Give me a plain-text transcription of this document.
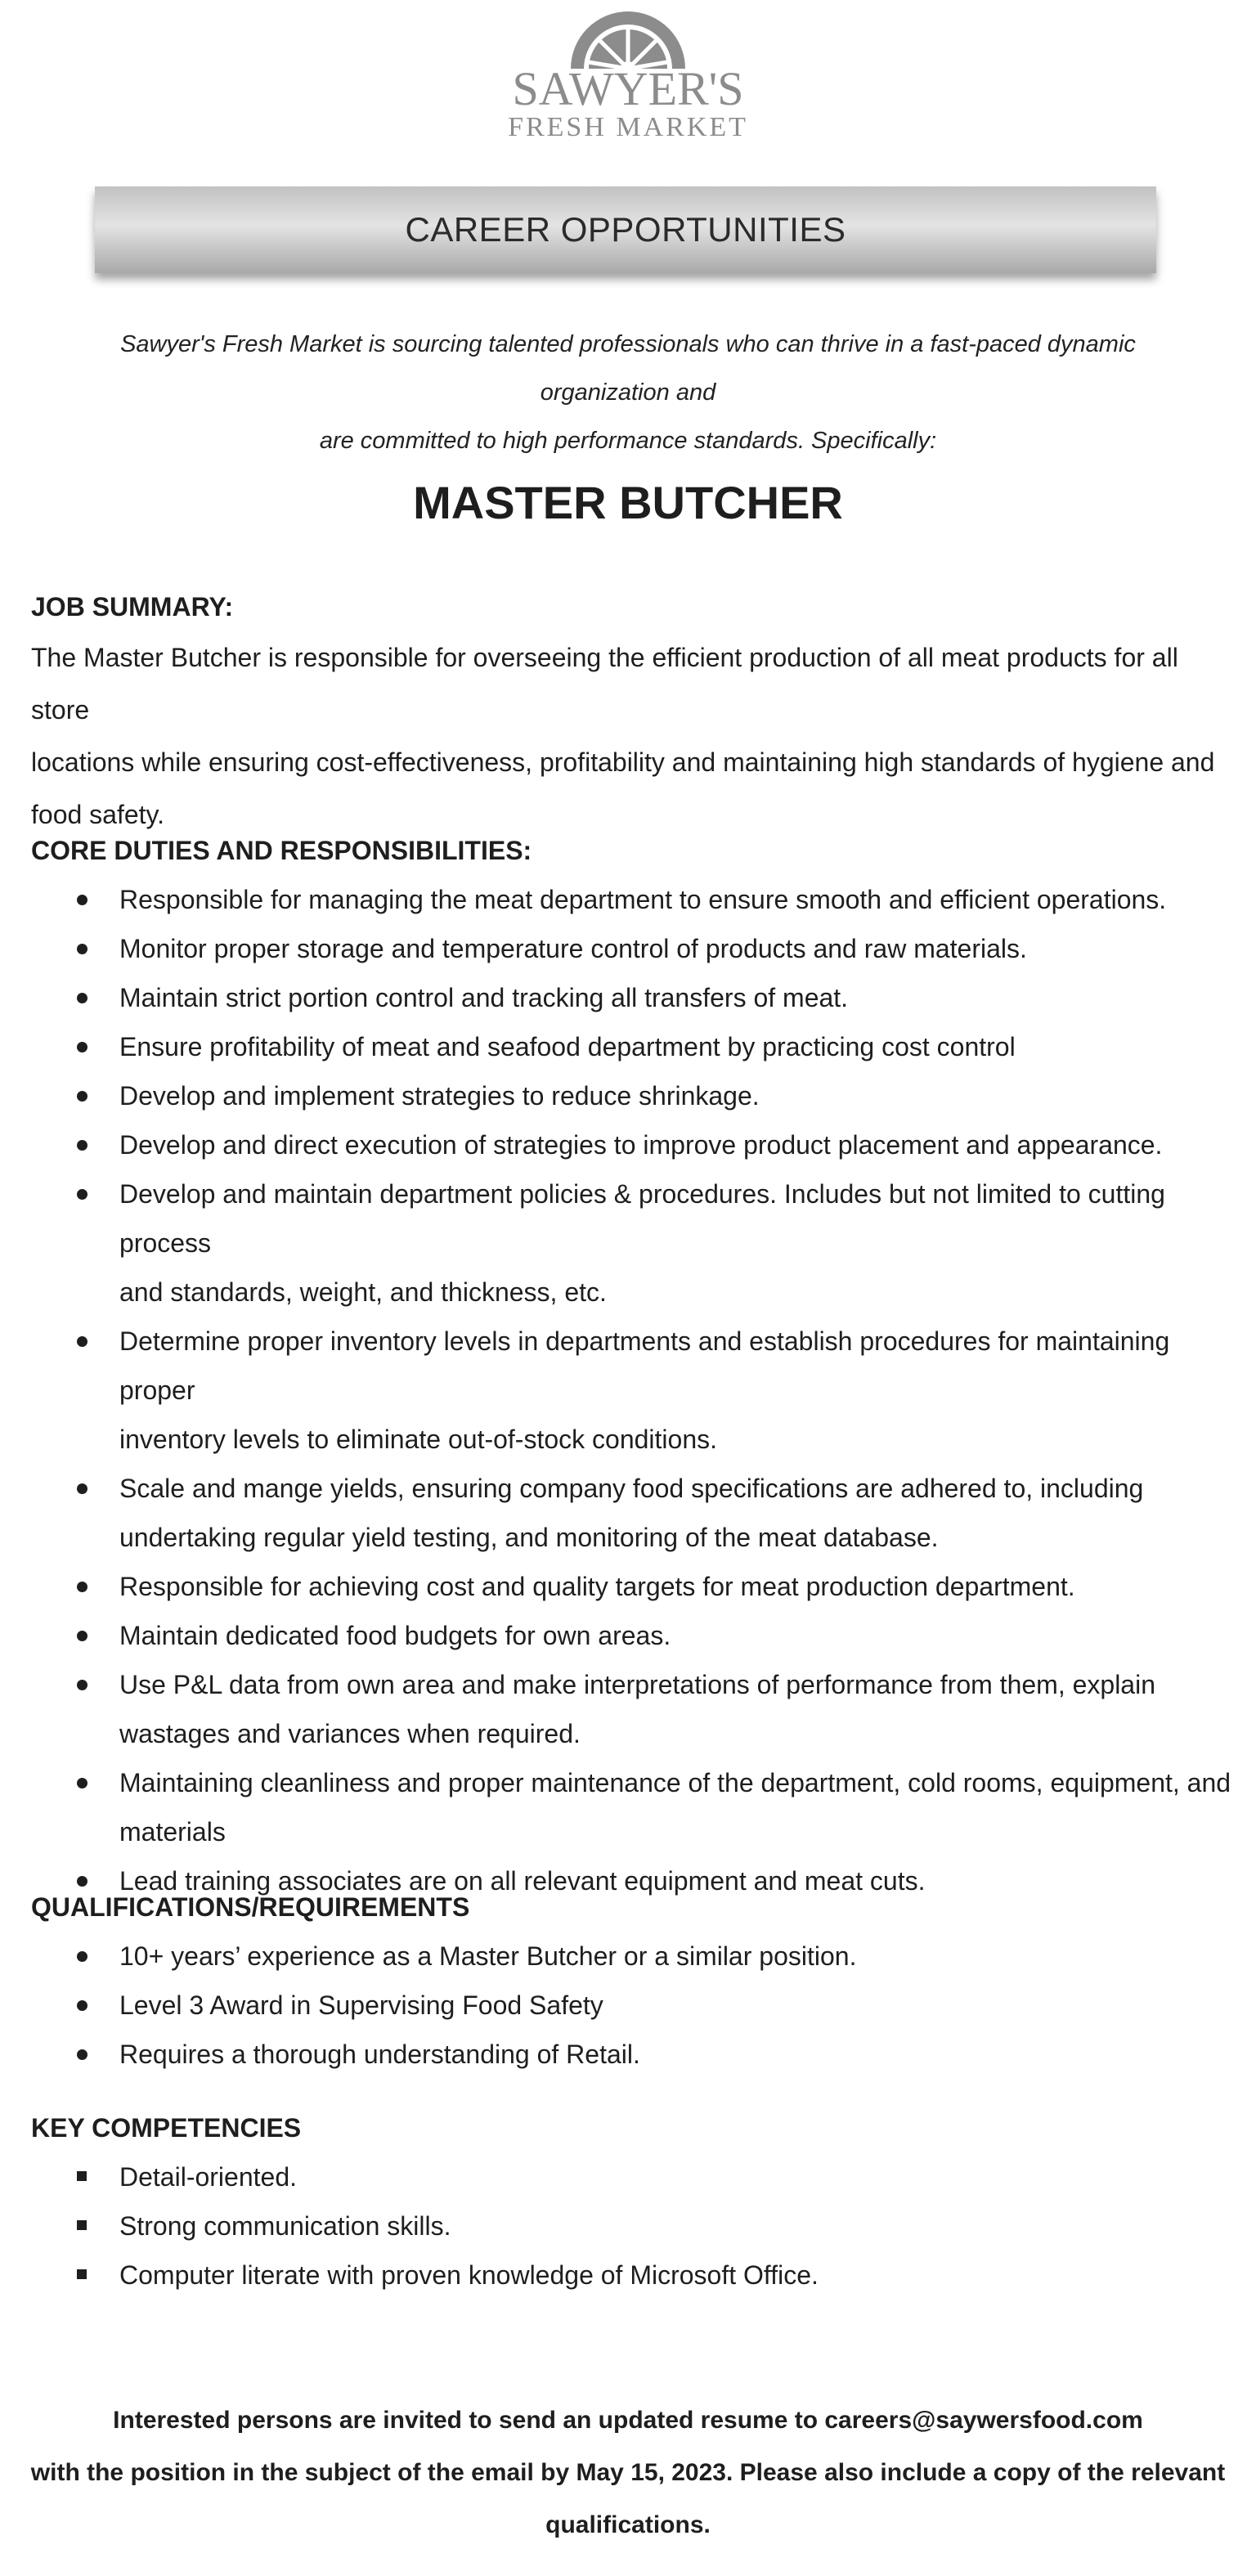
SAWYER'S
FRESH MARKET
CAREER OPPORTUNITIES
Sawyer's Fresh Market is sourcing talented professionals who can thrive in a fast-paced dynamic organization and
are committed to high performance standards. Specifically:
MASTER BUTCHER
JOB SUMMARY:
The Master Butcher is responsible for overseeing the efficient production of all meat products for all store
locations while ensuring cost-effectiveness, profitability and maintaining high standards of hygiene and
food safety.
CORE DUTIES AND RESPONSIBILITIES:
Responsible for managing the meat department to ensure smooth and efficient operations.
Monitor proper storage and temperature control of products and raw materials.
Maintain strict portion control and tracking all transfers of meat.
Ensure profitability of meat and seafood department by practicing cost control
Develop and implement strategies to reduce shrinkage.
Develop and direct execution of strategies to improve product placement and appearance.
Develop and maintain department policies & procedures. Includes but not limited to cutting process
and standards, weight, and thickness, etc.
Determine proper inventory levels in departments and establish procedures for maintaining proper
inventory levels to eliminate out-of-stock conditions.
Scale and mange yields, ensuring company food specifications are adhered to, including
undertaking regular yield testing, and monitoring of the meat database.
Responsible for achieving cost and quality targets for meat production department.
Maintain dedicated food budgets for own areas.
Use P&L data from own area and make interpretations of performance from them, explain
wastages and variances when required.
Maintaining cleanliness and proper maintenance of the department, cold rooms, equipment, and
materials
Lead training associates are on all relevant equipment and meat cuts.
QUALIFICATIONS/REQUIREMENTS
10+ years’ experience as a Master Butcher or a similar position.
Level 3 Award in Supervising Food Safety
Requires a thorough understanding of Retail.
KEY COMPETENCIES
Detail-oriented.
Strong communication skills.
Computer literate with proven knowledge of Microsoft Office.
Interested persons are invited to send an updated resume to careers@saywersfood.com
with the position in the subject of the email by May 15, 2023. Please also include a copy of the relevant qualifications.
